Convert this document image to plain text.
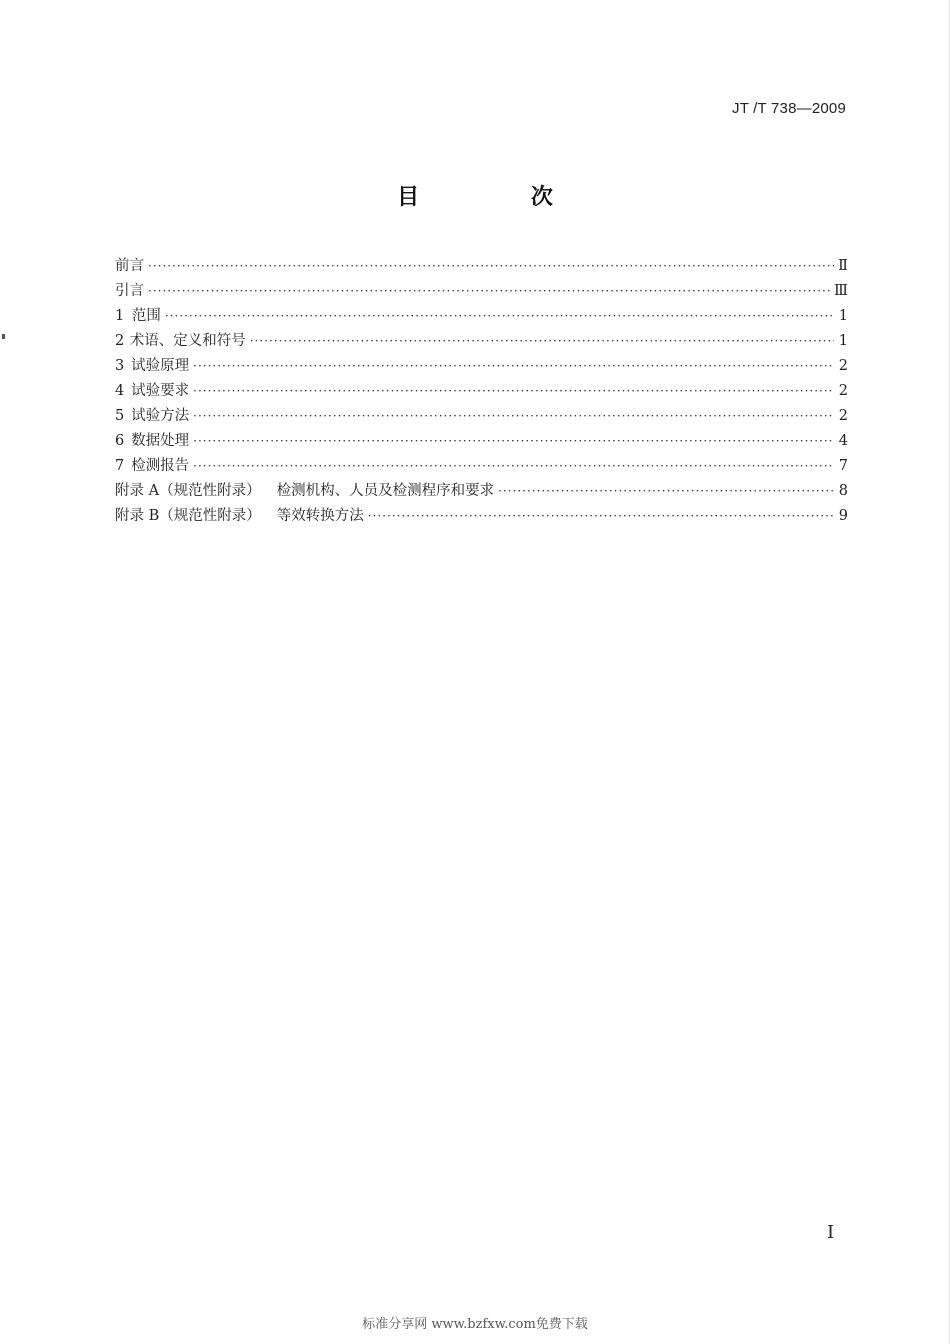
JT /T 738—2009
目 次
前言 ·····	Ⅱ
引言 ·····	Ⅲ
1 范围 ·····	1
2 术语、定义和符号 ·····	1
3 试验原理 ·····	2
4 试验要求 ·····	2
5 试验方法 ·····	2
6 数据处理 ·····	4
7 检测报告 ·····	7
附录 A（规范性附录） 检测机构、人员及检测程序和要求 ·····	8
附录 B（规范性附录） 等效转换方法 ·····	9
Ⅰ
标准分享网 www.bzfxw.com免费下载
